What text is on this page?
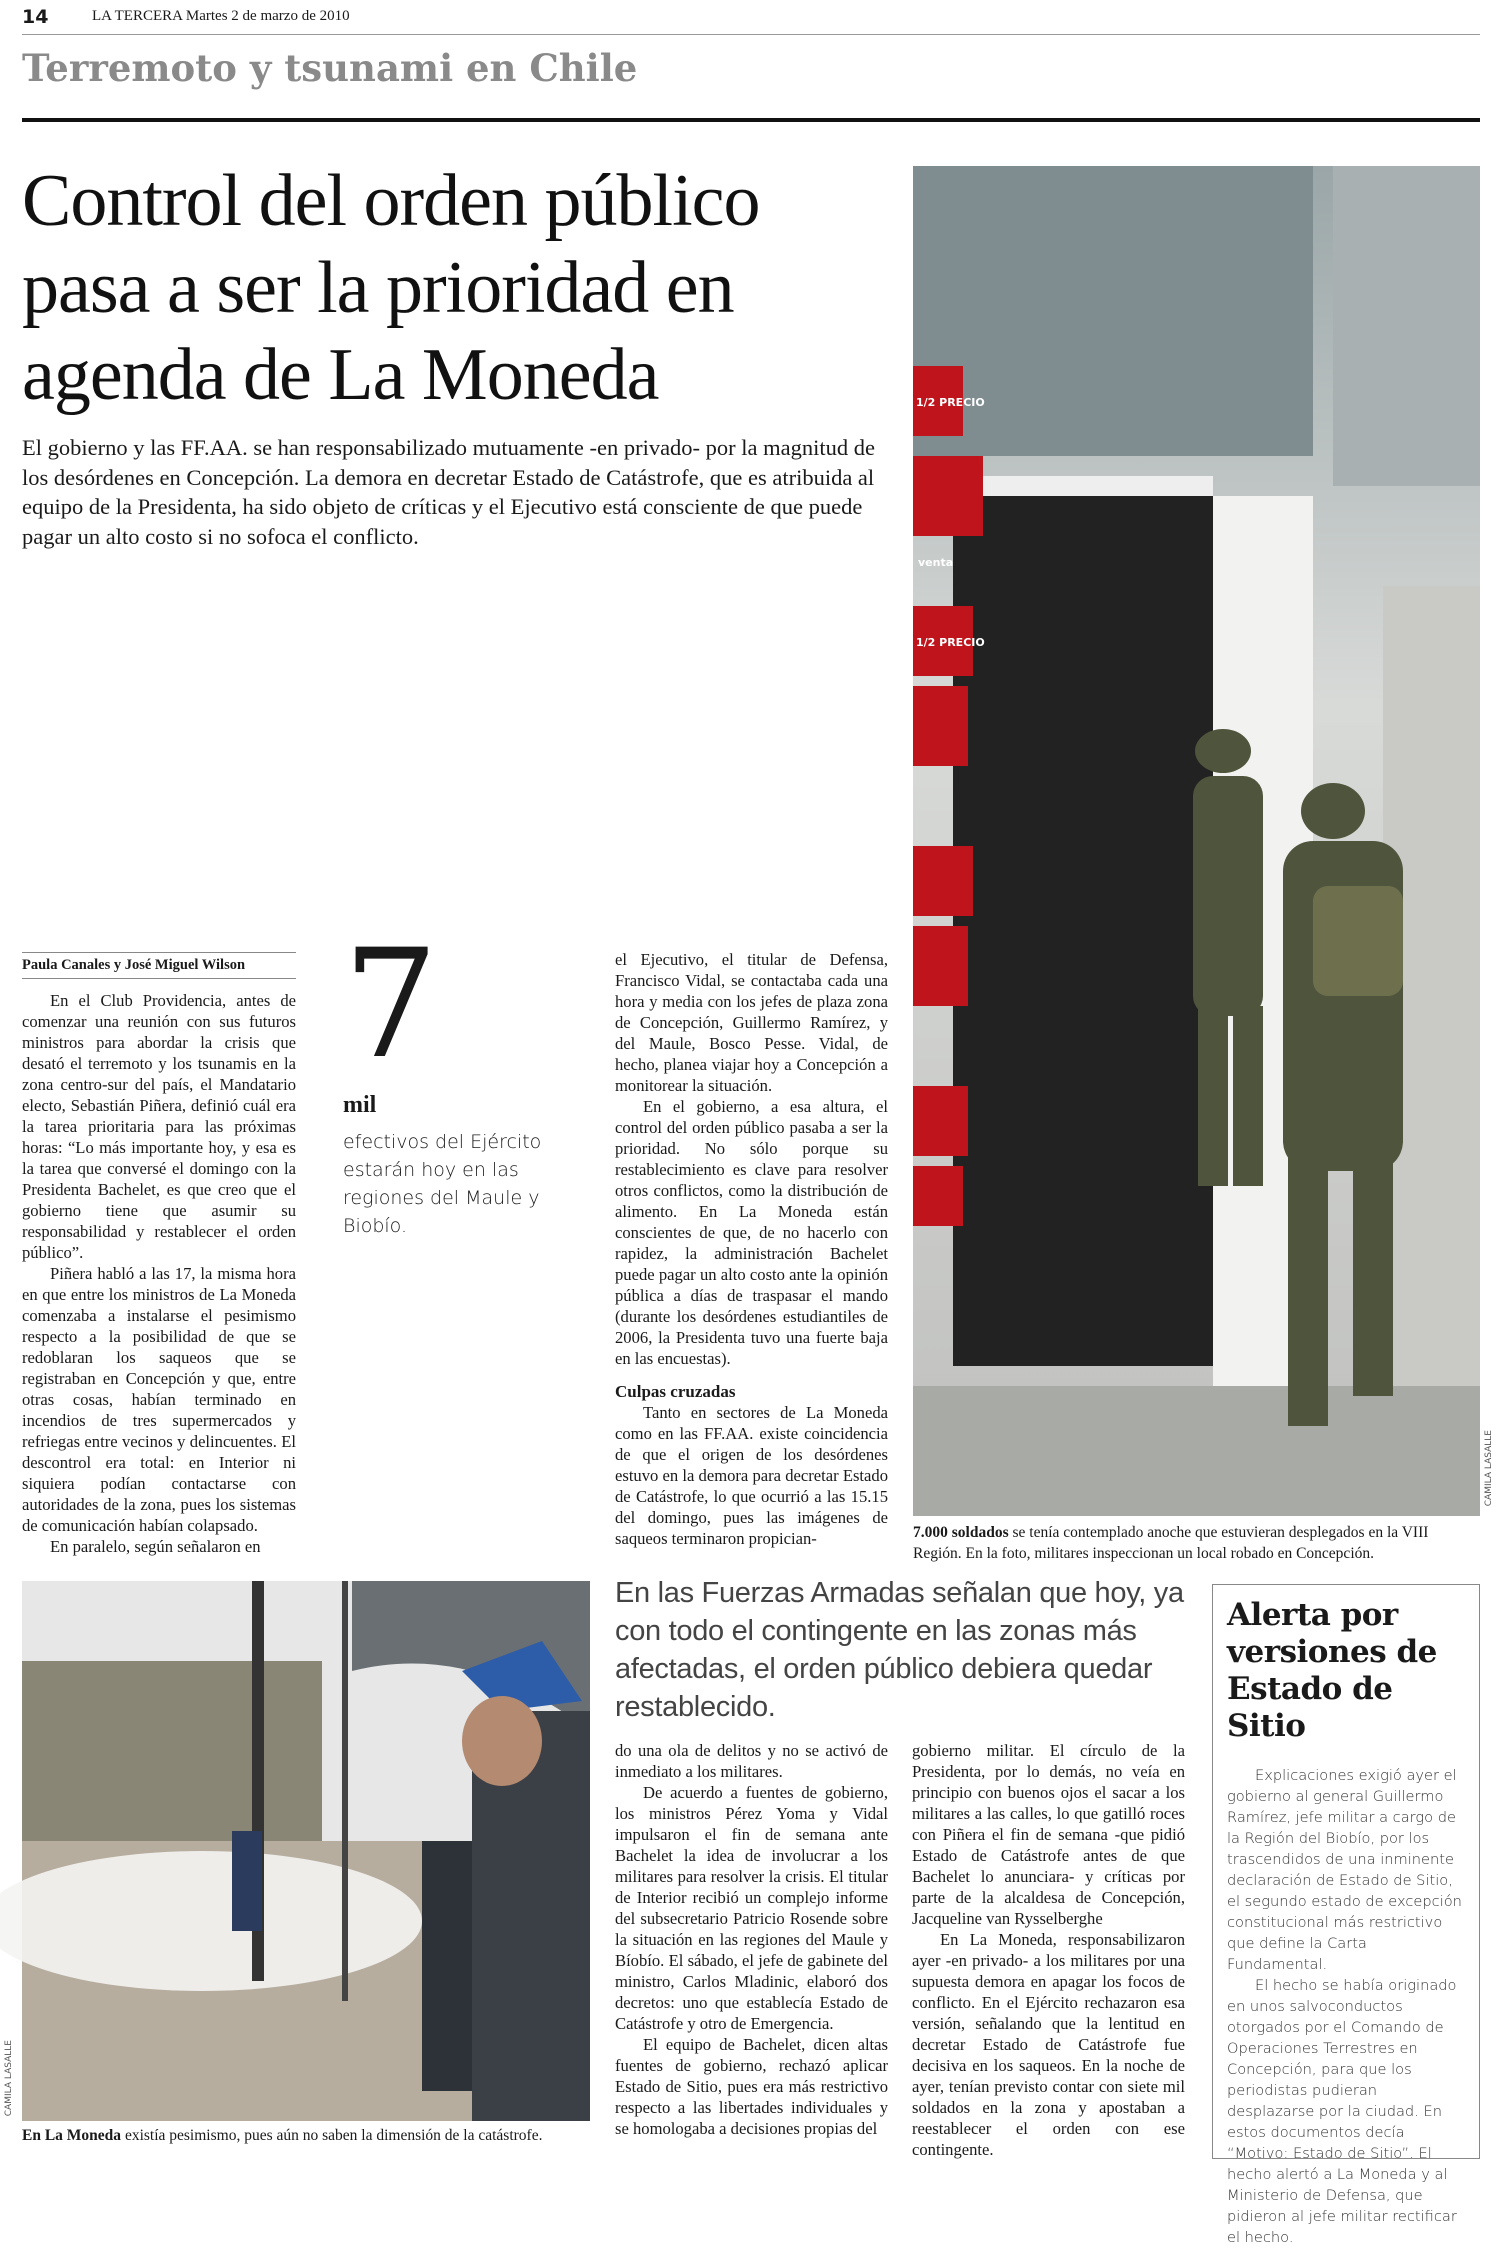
14	LA TERCERA Martes 2 de marzo de 2010
Terremoto y tsunami en Chile
Control del orden público pasa a ser la prioridad en agenda de La Moneda

El gobierno y las FF.AA. se han responsabilizado mutuamente -en privado- por la magnitud de los desórdenes en Concepción. La demora en decretar Estado de Catástrofe, que es atribuida al equipo de la Presidenta, ha sido objeto de críticas y el Ejecutivo está consciente de que puede pagar un alto costo si no sofoca el conflicto.

Paula Canales y José Miguel Wilson

En el Club Providencia, antes de comenzar una reunión con sus futuros ministros para abordar la crisis que desató el terremoto y los tsunamis en la zona centro-sur del país, el Mandatario electo, Sebastián Piñera, definió cuál era la tarea prioritaria para las próximas horas: “Lo más importante hoy, y esa es la tarea que conversé el domingo con la Presidenta Bachelet, es que creo que el gobierno tiene que asumir su responsabilidad y restablecer el orden público”.

Piñera habló a las 17, la misma hora en que entre los ministros de La Moneda comenzaba a instalarse el pesimismo respecto a la posibilidad de que se redoblaran los saqueos que se registraban en Concepción y que, entre otras cosas, habían terminado en incendios de tres supermercados y refriegas entre vecinos y delincuentes. El descontrol era total: en Interior ni siquiera podían contactarse con autoridades de la zona, pues los sistemas de comunicación habían colapsado.

En paralelo, según señalaron en

7
mil
efectivos del Ejército estarán hoy en las regiones del Maule y Biobío.

el Ejecutivo, el titular de Defensa, Francisco Vidal, se contactaba cada una hora y media con los jefes de plaza zona de Concepción, Guillermo Ramírez, y del Maule, Bosco Pesse. Vidal, de hecho, planea viajar hoy a Concepción a monitorear la situación.

En el gobierno, a esa altura, el control del orden público pasaba a ser la prioridad. No sólo porque su restablecimiento es clave para resolver otros conflictos, como la distribución de alimento. En La Moneda están conscientes de que, de no hacerlo con rapidez, la administración Bachelet puede pagar un alto costo ante la opinión pública a días de traspasar el mando (durante los desórdenes estudiantiles de 2006, la Presidenta tuvo una fuerte baja en las encuestas).

Culpas cruzadas

Tanto en sectores de La Moneda como en las FF.AA. existe coincidencia de que el origen de los desórdenes estuvo en la demora para decretar Estado de Catástrofe, lo que ocurrió a las 15.15 del domingo, pues las imágenes de saqueos terminaron propician-

1/2 PRECIO
1/2 PRECIO
venta
CAMILA LASALLE
7.000 soldados se tenía contemplado anoche que estuvieran desplegados en la VIII Región. En la foto, militares inspeccionan un local robado en Concepción.
CAMILA LASALLE
En La Moneda existía pesimismo, pues aún no saben la dimensión de la catástrofe.
En las Fuerzas Armadas señalan que hoy, ya con todo el contingente en las zonas más afectadas, el orden público debiera quedar restablecido.

do una ola de delitos y no se activó de inmediato a los militares.

De acuerdo a fuentes de gobierno, los ministros Pérez Yoma y Vidal impulsaron el fin de semana ante Bachelet la idea de involucrar a los militares para resolver la crisis. El titular de Interior recibió un complejo informe del subsecretario Patricio Rosende sobre la situación en las regiones del Maule y Bíobío. El sábado, el jefe de gabinete del ministro, Carlos Mladinic, elaboró dos decretos: uno que establecía Estado de Catástrofe y otro de Emergencia.

El equipo de Bachelet, dicen altas fuentes de gobierno, rechazó aplicar Estado de Sitio, pues era más restrictivo respecto a las libertades individuales y se homologaba a decisiones propias del

gobierno militar. El círculo de la Presidenta, por lo demás, no veía en principio con buenos ojos el sacar a los militares a las calles, lo que gatilló roces con Piñera el fin de semana -que pidió Estado de Catástrofe antes de que Bachelet lo anunciara- y críticas por parte de la alcaldesa de Concepción, Jacqueline van Rysselberghe

En La Moneda, responsabilizaron ayer -en privado- a los militares por una supuesta demora en apagar los focos de conflicto. En el Ejército rechazaron esa versión, señalando que la lentitud en decretar Estado de Catástrofe fue decisiva en los saqueos. En la noche de ayer, tenían previsto contar con siete mil soldados en la zona y apostaban a reestablecer el orden con ese contingente.

Alerta por versiones de Estado de Sitio

Explicaciones exigió ayer el gobierno al general Guillermo Ramírez, jefe militar a cargo de la Región del Biobío, por los trascendidos de una inminente declaración de Estado de Sitio, el segundo estado de excepción constitucional más restrictivo que define la Carta Fundamental.

El hecho se había originado en unos salvoconductos otorgados por el Comando de Operaciones Terrestres en Concepción, para que los periodistas pudieran desplazarse por la ciudad. En estos documentos decía “Motivo: Estado de Sitio”. El hecho alertó a La Moneda y al Ministerio de Defensa, que pidieron al jefe militar rectificar el hecho.
